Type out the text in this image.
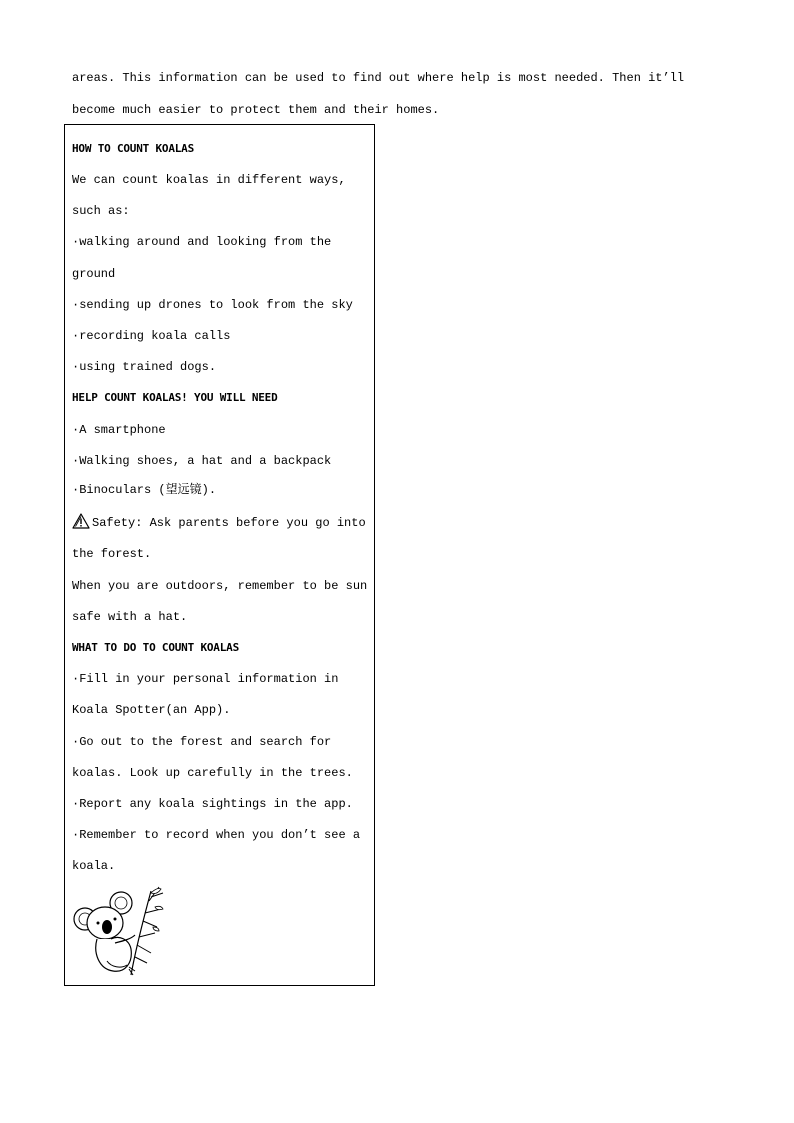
areas. This information can be used to find out where help is most needed. Then it’ll
become much easier to protect them and their homes.
HOW TO COUNT KOALAS
We can count koalas in different ways,
such as:
·walking around and looking from the
ground
·sending up drones to look from the sky
·recording koala calls
·using trained dogs.
HELP COUNT KOALAS! YOU WILL NEED
·A smartphone
·Walking shoes, a hat and a backpack
·Binoculars (望远镜).
Safety: Ask parents before you go into
the forest.
When you are outdoors, remember to be sun
safe with a hat.
WHAT TO DO TO COUNT KOALAS
·Fill in your personal information in
Koala Spotter(an App).
·Go out to the forest and search for
koalas. Look up carefully in the trees.
·Report any koala sightings in the app.
·Remember to record when you don’t see a
koala.
